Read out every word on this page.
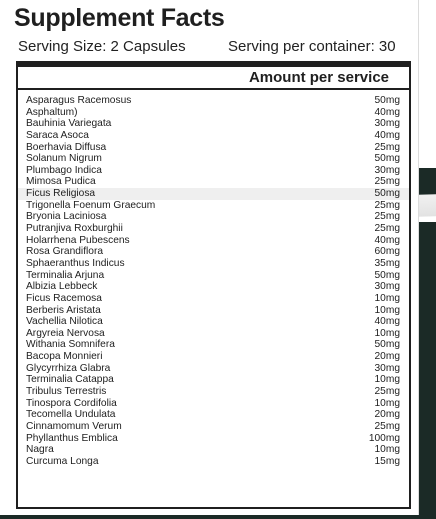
Supplement Facts
Serving Size: 2 Capsules	Serving per container: 30
Amount per service
Asparagus Racemosus	50mg
Asphaltum)	40mg
Bauhinia Variegata	30mg
Saraca Asoca	40mg
Boerhavia Diffusa	25mg
Solanum Nigrum	50mg
Plumbago Indica	30mg
Mimosa Pudica	25mg
Ficus Religiosa	50mg
Trigonella Foenum Graecum	25mg
Bryonia Laciniosa	25mg
Putranjiva Roxburghii	25mg
Holarrhena Pubescens	40mg
Rosa Grandiflora	60mg
Sphaeranthus Indicus	35mg
Terminalia Arjuna	50mg
Albizia Lebbeck	30mg
Ficus Racemosa	10mg
Berberis Aristata	10mg
Vachellia Nilotica	40mg
Argyreia Nervosa	10mg
Withania Somnifera	50mg
Bacopa Monnieri	20mg
Glycyrrhiza Glabra	30mg
Terminalia Catappa	10mg
Tribulus Terrestris	25mg
Tinospora Cordifolia	10mg
Tecomella Undulata	20mg
Cinnamomum Verum	25mg
Phyllanthus Emblica	100mg
Nagra	10mg
Curcuma Longa	15mg
